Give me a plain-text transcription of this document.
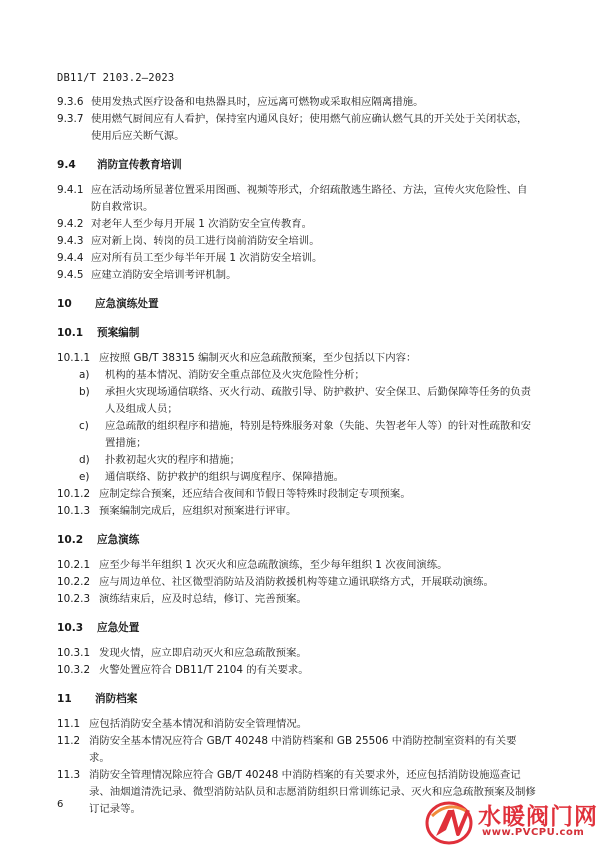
DB11/T 2103.2—2023
9.3.6 使用发热式医疗设备和电热器具时，应远离可燃物或采取相应隔离措施。
9.3.7 使用燃气厨间应有人看护，保持室内通风良好；使用燃气前应确认燃气具的开关处于关闭状态，使用后应关断气源。
9.4	消防宣传教育培训
9.4.1 应在活动场所显著位置采用图画、视频等形式，介绍疏散逃生路径、方法，宣传火灾危险性、自防自救常识。
9.4.2 对老年人至少每月开展 1 次消防安全宣传教育。
9.4.3 应对新上岗、转岗的员工进行岗前消防安全培训。
9.4.4 应对所有员工至少每半年开展 1 次消防安全培训。
9.4.5 应建立消防安全培训考评机制。
10	应急演练处置
10.1	预案编制
10.1.1 应按照 GB/T 38315 编制灭火和应急疏散预案，至少包括以下内容：
a)	机构的基本情况、消防安全重点部位及火灾危险性分析；
b)	承担火灾现场通信联络、灭火行动、疏散引导、防护救护、安全保卫、后勤保障等任务的负责人及组成人员；
c)	应急疏散的组织程序和措施，特别是特殊服务对象（失能、失智老年人等）的针对性疏散和安置措施；
d)	扑救初起火灾的程序和措施；
e)	通信联络、防护救护的组织与调度程序、保障措施。
10.1.2 应制定综合预案，还应结合夜间和节假日等特殊时段制定专项预案。
10.1.3 预案编制完成后，应组织对预案进行评审。
10.2	应急演练
10.2.1 应至少每半年组织 1 次灭火和应急疏散演练，至少每年组织 1 次夜间演练。
10.2.2 应与周边单位、社区微型消防站及消防救援机构等建立通讯联络方式，开展联动演练。
10.2.3 演练结束后，应及时总结，修订、完善预案。
10.3	应急处置
10.3.1 发现火情，应立即启动灭火和应急疏散预案。
10.3.2 火警处置应符合 DB11/T 2104 的有关要求。
11	消防档案
11.1 应包括消防安全基本情况和消防安全管理情况。
11.2 消防安全基本情况应符合 GB/T 40248 中消防档案和 GB 25506 中消防控制室资料的有关要求。
11.3 消防安全管理情况除应符合 GB/T 40248 中消防档案的有关要求外，还应包括消防设施巡查记录、油烟道清洗记录、微型消防站队员和志愿消防组织日常训练记录、灭火和应急疏散预案及制修订记录等。
6	水暖阀门网
www.PVCPU.com
